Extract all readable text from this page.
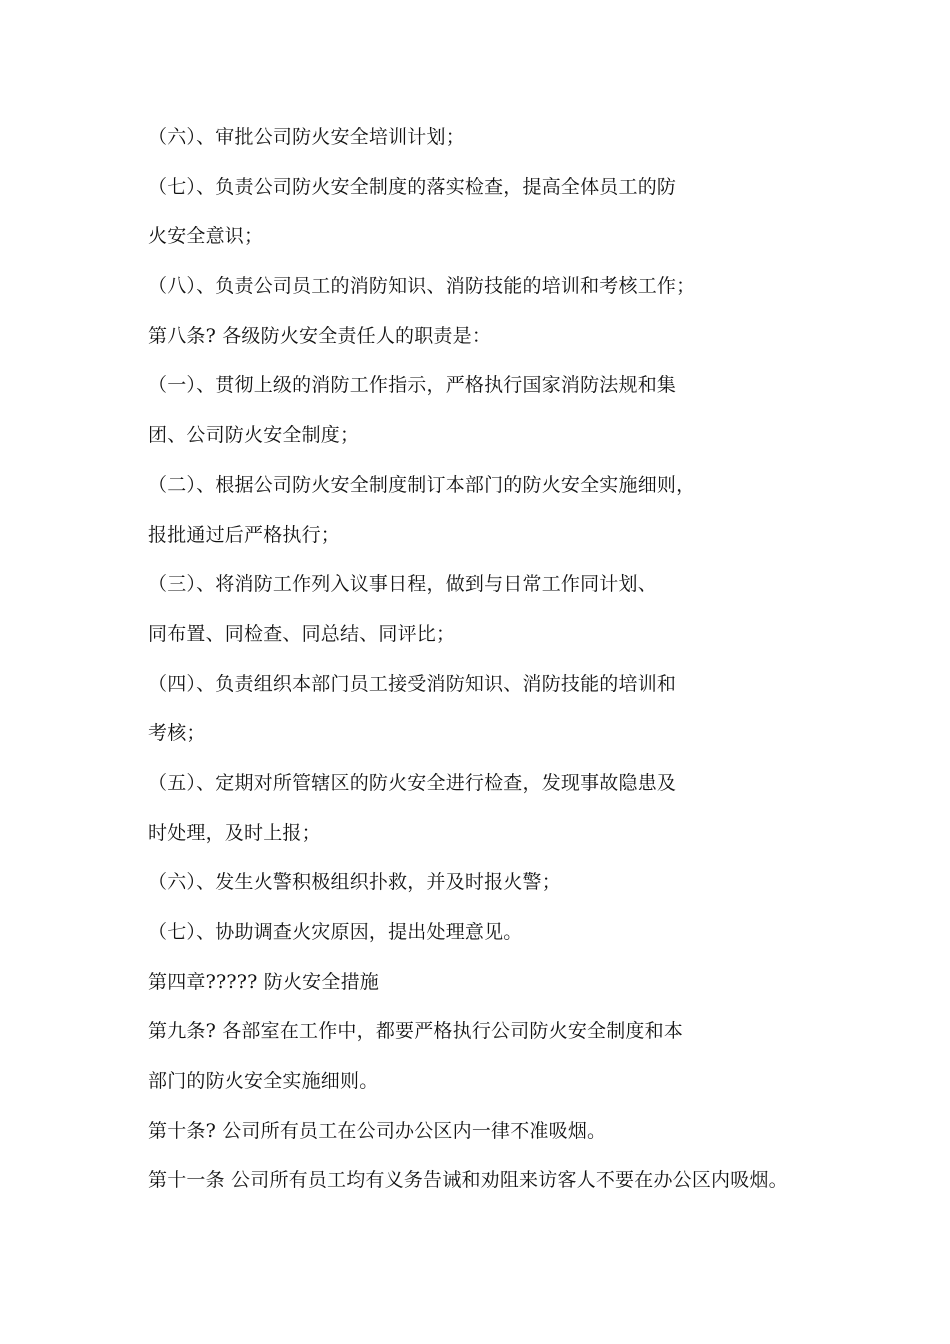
（六）、审批公司防火安全培训计划；
（七）、负责公司防火安全制度的落实检查，提高全体员工的防
火安全意识；
（八）、负责公司员工的消防知识、消防技能的培训和考核工作；
第八条? 各级防火安全责任人的职责是：
（一）、贯彻上级的消防工作指示，严格执行国家消防法规和集
团、公司防火安全制度；
（二）、根据公司防火安全制度制订本部门的防火安全实施细则，
报批通过后严格执行；
（三）、将消防工作列入议事日程，做到与日常工作同计划、
同布置、同检查、同总结、同评比；
（四）、负责组织本部门员工接受消防知识、消防技能的培训和
考核；
（五）、定期对所管辖区的防火安全进行检查，发现事故隐患及
时处理，及时上报；
（六）、发生火警积极组织扑救，并及时报火警；
（七）、协助调查火灾原因，提出处理意见。
第四章????? 防火安全措施
第九条? 各部室在工作中，都要严格执行公司防火安全制度和本
部门的防火安全实施细则。
第十条? 公司所有员工在公司办公区内一律不准吸烟。
第十一条 公司所有员工均有义务告诫和劝阻来访客人不要在办公区内吸烟。
